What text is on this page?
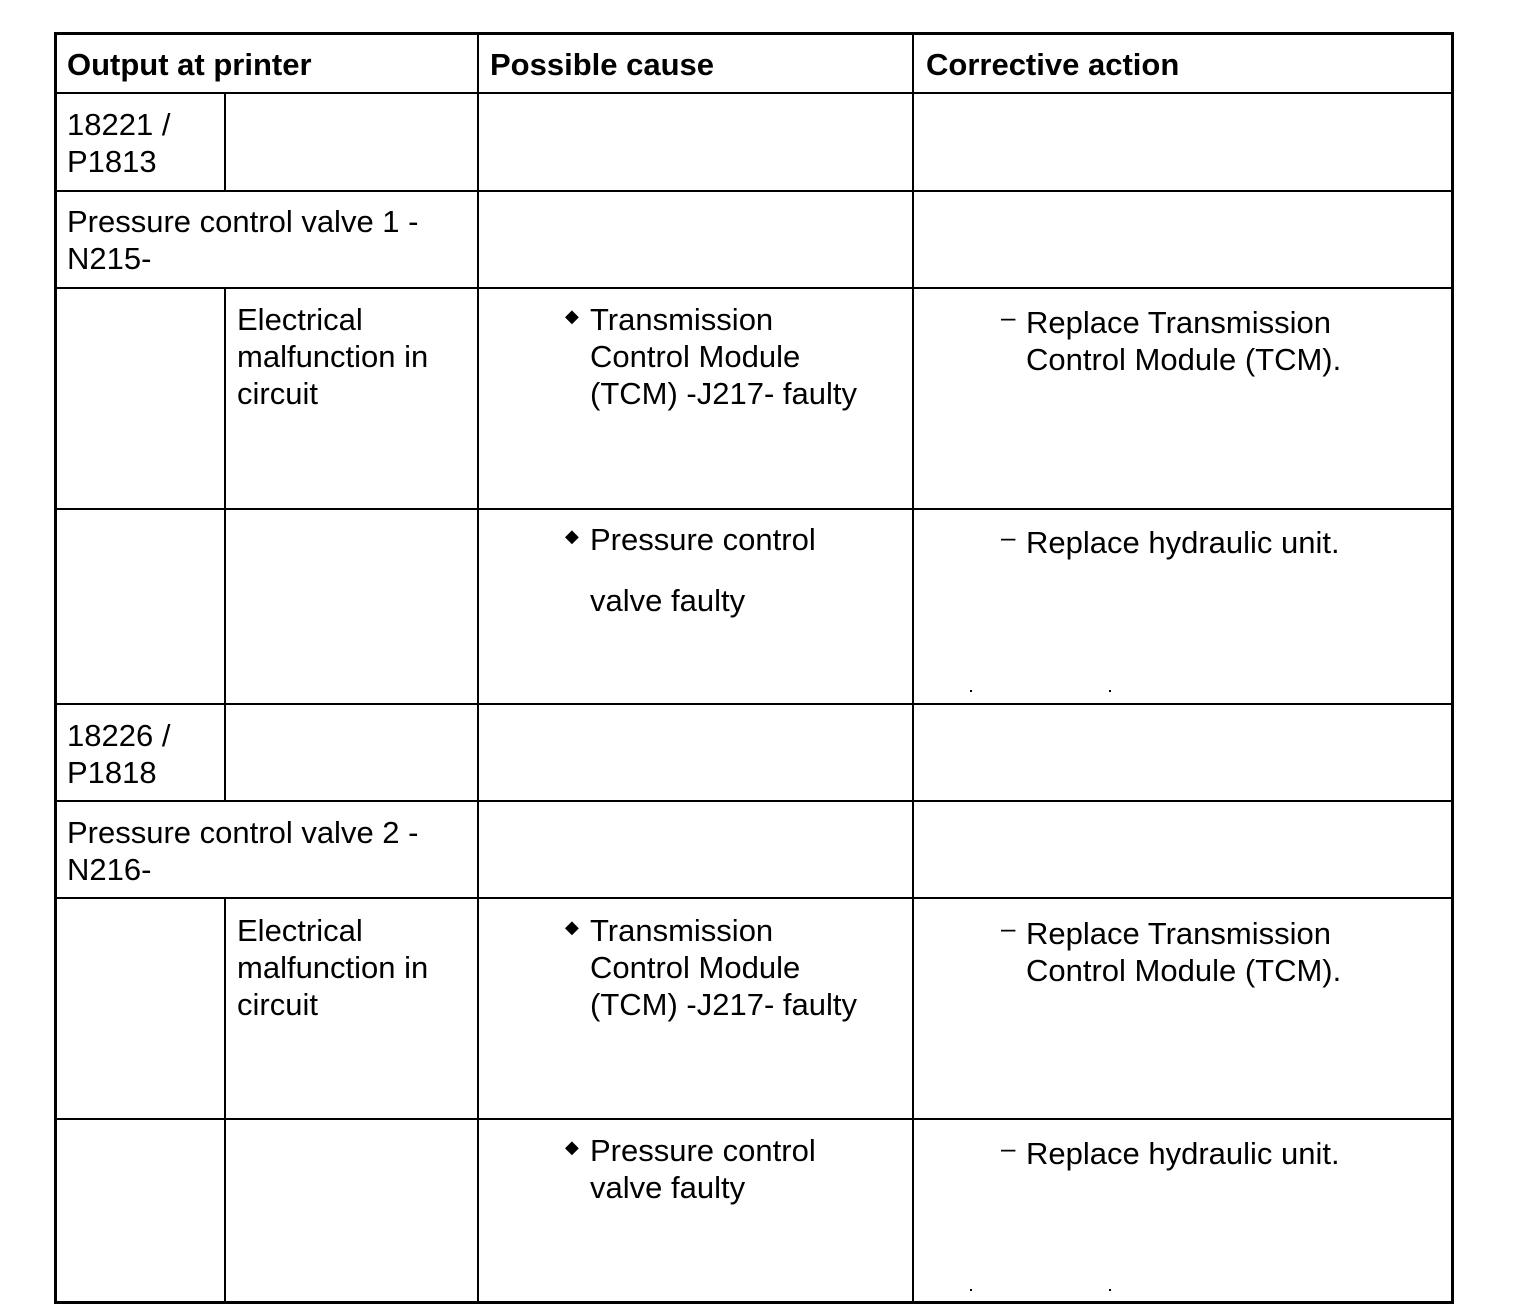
Output at printer	Possible cause	Corrective action
18221 /
P1813
Pressure control valve 1 -
N215-
Electrical
malfunction in
circuit
◆ Transmission
Control Module
(TCM) -J217- faulty
– Replace Transmission
Control Module (TCM).
◆ Pressure control
valve faulty
– Replace hydraulic unit.
18226 /
P1818
Pressure control valve 2 -
N216-
Electrical
malfunction in
circuit
◆ Transmission
Control Module
(TCM) -J217- faulty
– Replace Transmission
Control Module (TCM).
◆ Pressure control
valve faulty
– Replace hydraulic unit.
